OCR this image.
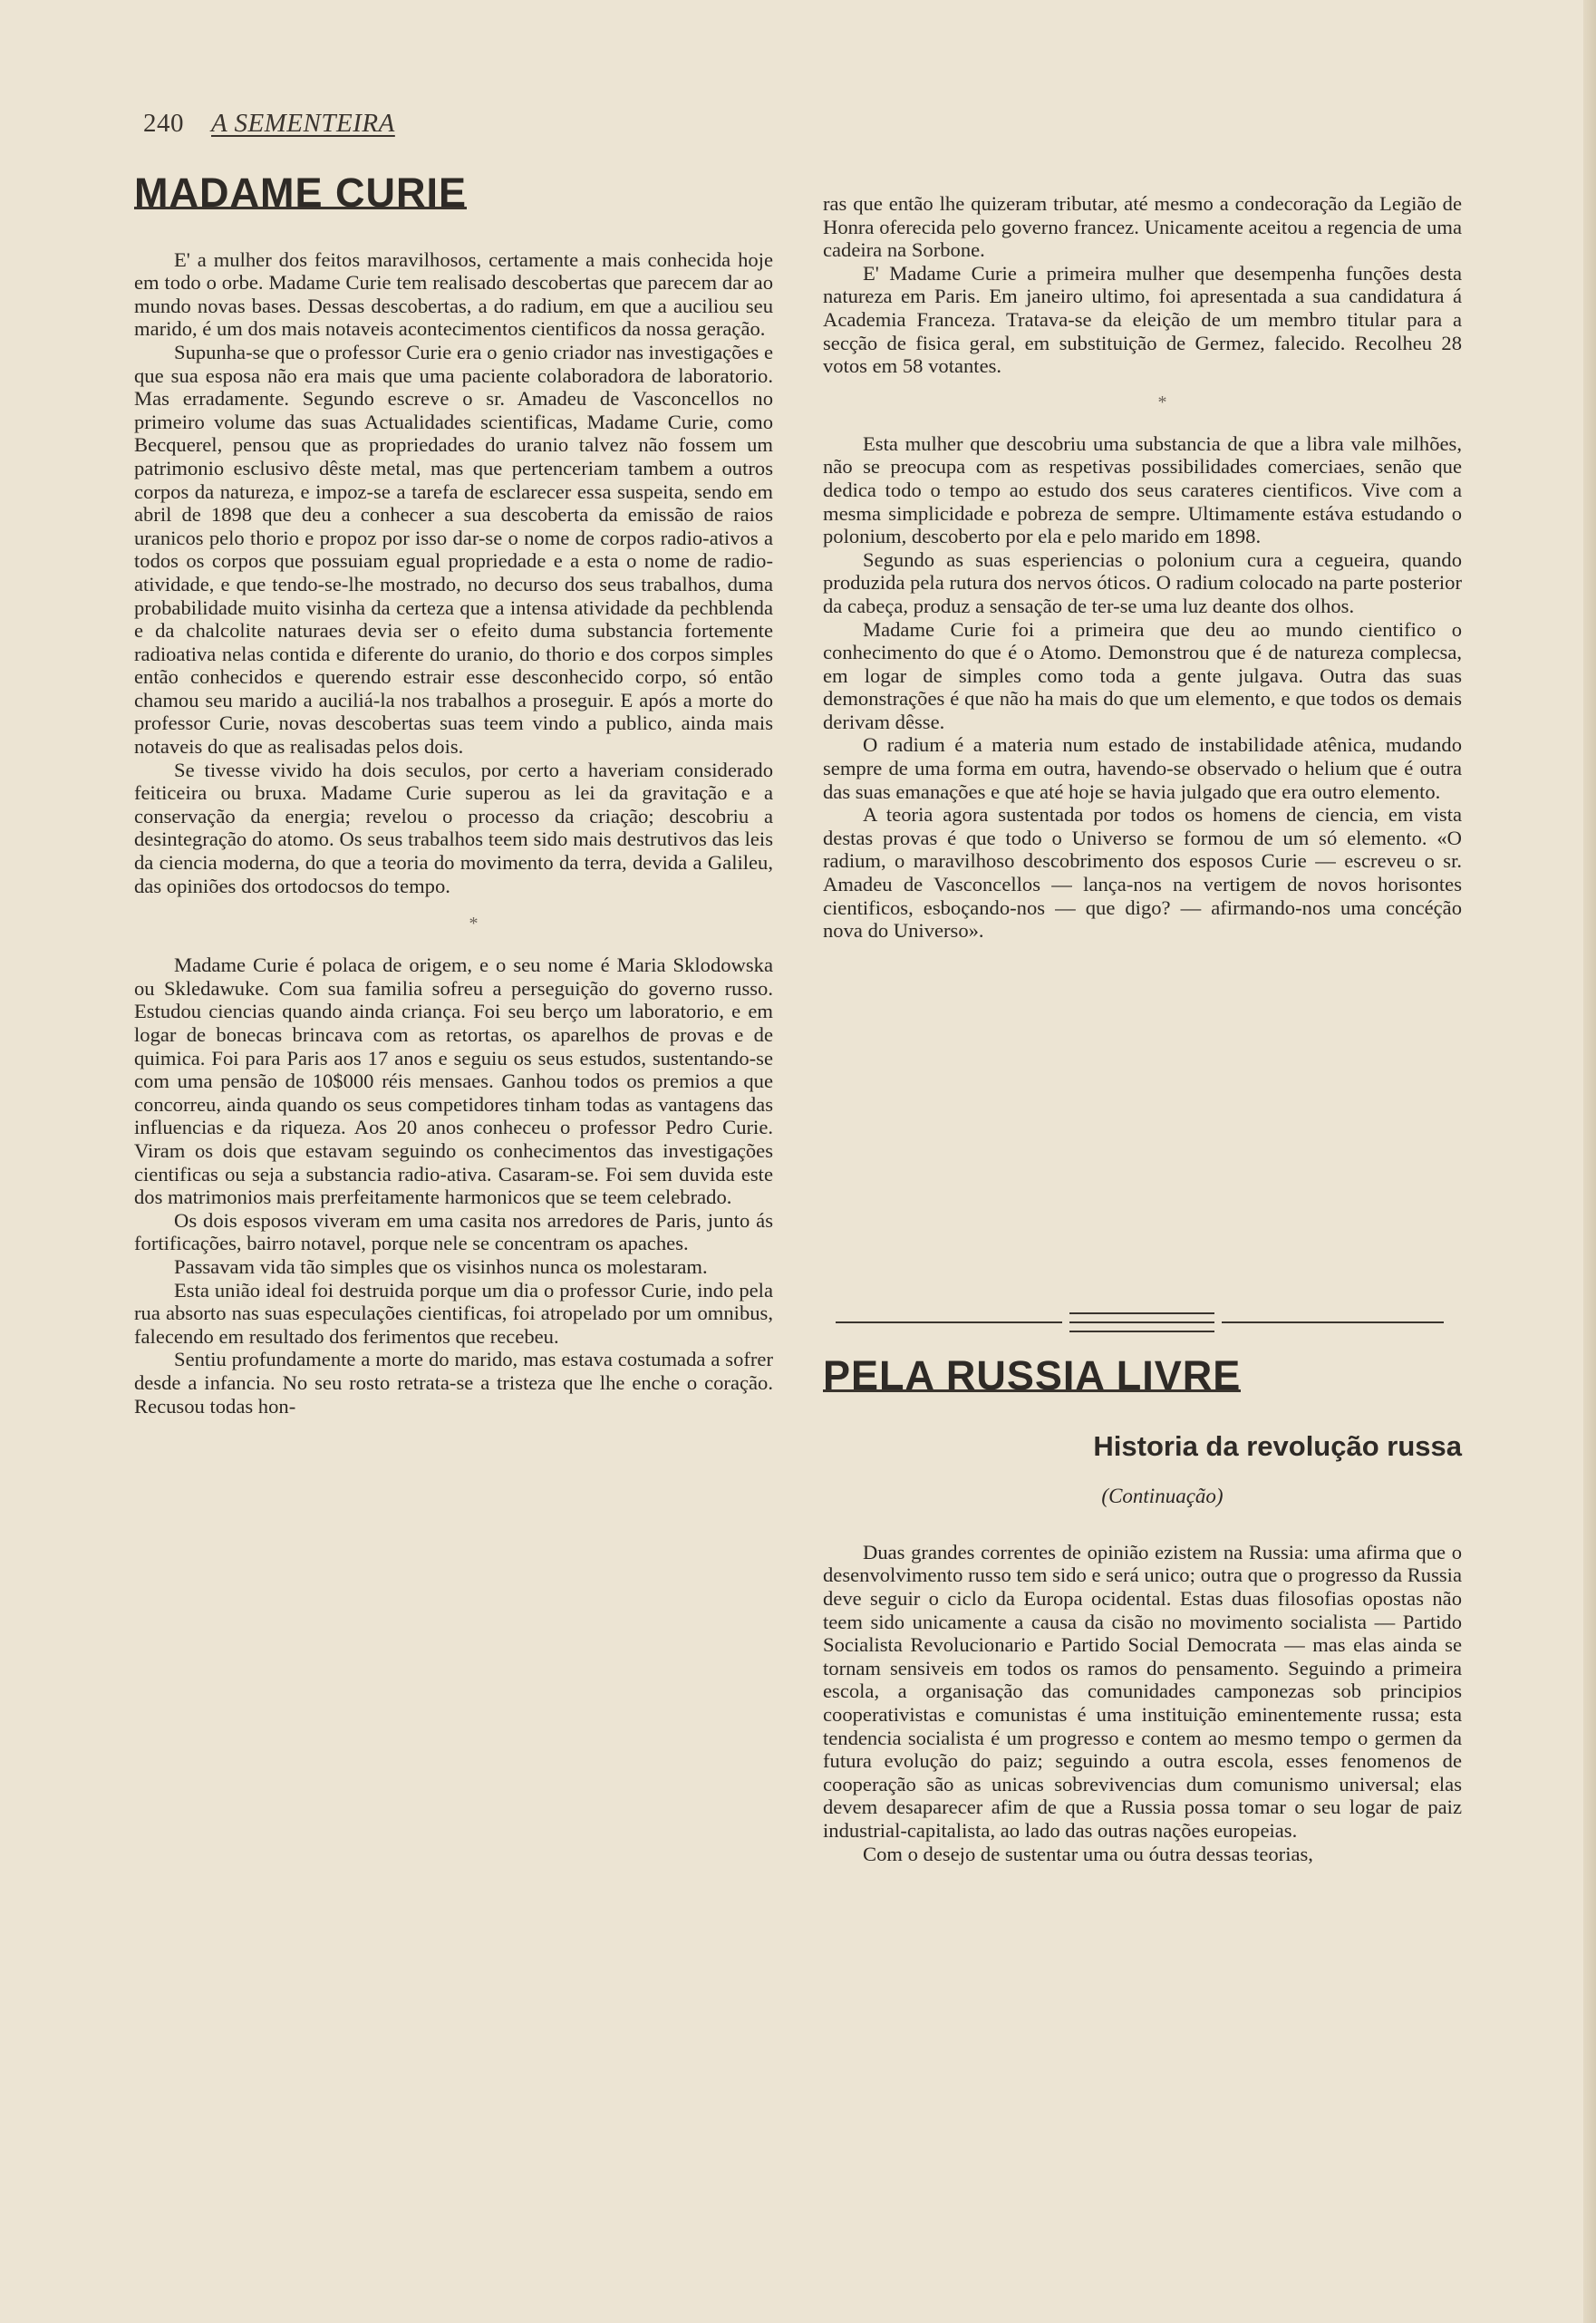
240 A SEMENTEIRA
MADAME CURIE

E' a mulher dos feitos maravilhosos, certamente a mais conhecida hoje em todo o orbe. Madame Curie tem realisado descobertas que parecem dar ao mundo novas bases. Dessas descobertas, a do radium, em que a auciliou seu marido, é um dos mais notaveis acontecimentos cientificos da nossa geração.

Supunha-se que o professor Curie era o genio criador nas investigações e que sua esposa não era mais que uma paciente colaboradora de laboratorio. Mas erradamente. Segundo escreve o sr. Amadeu de Vasconcellos no primeiro volume das suas Actualidades scientificas, Madame Curie, como Becquerel, pensou que as propriedades do uranio talvez não fossem um patrimonio esclusivo dêste metal, mas que pertenceriam tambem a outros corpos da natureza, e impoz-se a tarefa de esclarecer essa suspeita, sendo em abril de 1898 que deu a conhecer a sua descoberta da emissão de raios uranicos pelo thorio e propoz por isso dar-se o nome de corpos radio-ativos a todos os corpos que possuiam egual propriedade e a esta o nome de radio-atividade, e que tendo-se-lhe mostrado, no decurso dos seus trabalhos, duma probabilidade muito visinha da certeza que a intensa atividade da pechblenda e da chalcolite naturaes devia ser o efeito duma substancia fortemente radioativa nelas contida e diferente do uranio, do thorio e dos corpos simples então conhecidos e querendo estrair esse desconhecido corpo, só então chamou seu marido a auciliá-la nos trabalhos a proseguir. E após a morte do professor Curie, novas descobertas suas teem vindo a publico, ainda mais notaveis do que as realisadas pelos dois.

Se tivesse vivido ha dois seculos, por certo a haveriam considerado feiticeira ou bruxa. Madame Curie superou as lei da gravitação e a conservação da energia; revelou o processo da criação; descobriu a desintegração do atomo. Os seus trabalhos teem sido mais destrutivos das leis da ciencia moderna, do que a teoria do movimento da terra, devida a Galileu, das opiniões dos ortodocsos do tempo.

*

Madame Curie é polaca de origem, e o seu nome é Maria Sklodowska ou Skledawuke. Com sua familia sofreu a perseguição do governo russo. Estudou ciencias quando ainda criança. Foi seu berço um laboratorio, e em logar de bonecas brincava com as retortas, os aparelhos de provas e de quimica. Foi para Paris aos 17 anos e seguiu os seus estudos, sustentando-se com uma pensão de 10$000 réis mensaes. Ganhou todos os premios a que concorreu, ainda quando os seus competidores tinham todas as vantagens das influencias e da riqueza. Aos 20 anos conheceu o professor Pedro Curie. Viram os dois que estavam seguindo os conhecimentos das investigações cientificas ou seja a substancia radio-ativa. Casaram-se. Foi sem duvida este dos matrimonios mais prerfeitamente harmonicos que se teem celebrado.

Os dois esposos viveram em uma casita nos arredores de Paris, junto ás fortificações, bairro notavel, porque nele se concentram os apaches.

Passavam vida tão simples que os visinhos nunca os molestaram.

Esta união ideal foi destruida porque um dia o professor Curie, indo pela rua absorto nas suas especulações cientificas, foi atropelado por um omnibus, falecendo em resultado dos ferimentos que recebeu.

Sentiu profundamente a morte do marido, mas estava costumada a sofrer desde a infancia. No seu rosto retrata-se a tristeza que lhe enche o coração. Recusou todas hon-

ras que então lhe quizeram tributar, até mesmo a condecoração da Legião de Honra oferecida pelo governo francez. Unicamente aceitou a regencia de uma cadeira na Sorbone.

E' Madame Curie a primeira mulher que desempenha funções desta natureza em Paris. Em janeiro ultimo, foi apresentada a sua candidatura á Academia Franceza. Tratava-se da eleição de um membro titular para a secção de fisica geral, em substituição de Germez, falecido. Recolheu 28 votos em 58 votantes.

*

Esta mulher que descobriu uma substancia de que a libra vale milhões, não se preocupa com as respetivas possibilidades comerciaes, senão que dedica todo o tempo ao estudo dos seus carateres cientificos. Vive com a mesma simplicidade e pobreza de sempre. Ultimamente estáva estudando o polonium, descoberto por ela e pelo marido em 1898.

Segundo as suas esperiencias o polonium cura a cegueira, quando produzida pela rutura dos nervos óticos. O radium colocado na parte posterior da cabeça, produz a sensação de ter-se uma luz deante dos olhos.

Madame Curie foi a primeira que deu ao mundo cientifico o conhecimento do que é o Atomo. Demonstrou que é de natureza complecsa, em logar de simples como toda a gente julgava. Outra das suas demonstrações é que não ha mais do que um elemento, e que todos os demais derivam dêsse.

O radium é a materia num estado de instabilidade atênica, mudando sempre de uma forma em outra, havendo-se observado o helium que é outra das suas emanações e que até hoje se havia julgado que era outro elemento.

A teoria agora sustentada por todos os homens de ciencia, em vista destas provas é que todo o Universo se formou de um só elemento. «O radium, o maravilhoso descobrimento dos esposos Curie — escreveu o sr. Amadeu de Vasconcellos — lança-nos na vertigem de novos horisontes cientificos, esboçando-nos — que digo? — afirmando-nos uma concéção nova do Universo».

PELA RUSSIA LIVRE

Historia da revolução russa

(Continuação)

Duas grandes correntes de opinião ezistem na Russia: uma afirma que o desenvolvimento russo tem sido e será unico; outra que o progresso da Russia deve seguir o ciclo da Europa ocidental. Estas duas filosofias opostas não teem sido unicamente a causa da cisão no movimento socialista — Partido Socialista Revolucionario e Partido Social Democrata — mas elas ainda se tornam sensiveis em todos os ramos do pensamento. Seguindo a primeira escola, a organisação das comunidades camponezas sob principios cooperativistas e comunistas é uma instituição eminentemente russa; esta tendencia socialista é um progresso e contem ao mesmo tempo o germen da futura evolução do paiz; seguindo a outra escola, esses fenomenos de cooperação são as unicas sobrevivencias dum comunismo universal; elas devem desaparecer afim de que a Russia possa tomar o seu logar de paiz industrial-capitalista, ao lado das outras nações europeias.

Com o desejo de sustentar uma ou óutra dessas teorias,
